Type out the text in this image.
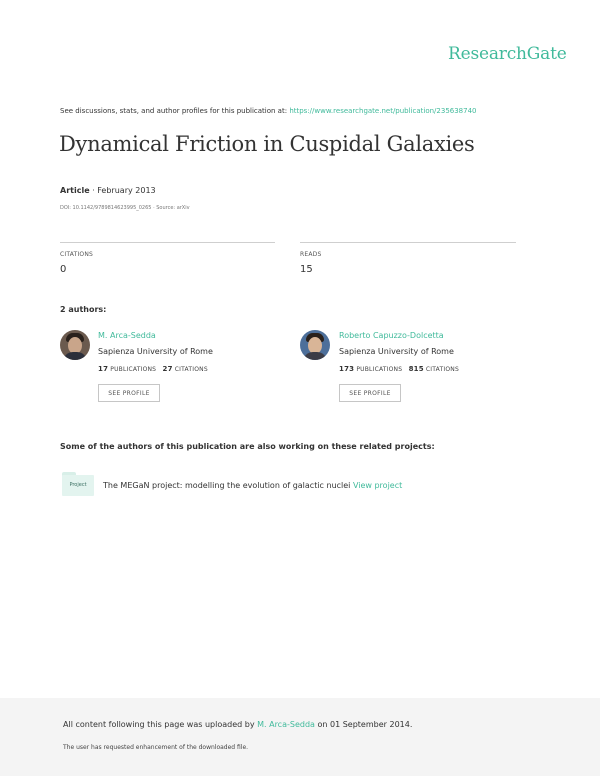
ResearchGate
See discussions, stats, and author profiles for this publication at: https://www.researchgate.net/publication/235638740
Dynamical Friction in Cuspidal Galaxies
Article · February 2013
DOI: 10.1142/9789814623995_0265 · Source: arXiv
CITATIONS
0
READS
15
2 authors:
M. Arca-Sedda
Sapienza University of Rome
17 PUBLICATIONS 27 CITATIONS
SEE PROFILE
Roberto Capuzzo-Dolcetta
Sapienza University of Rome
173 PUBLICATIONS 815 CITATIONS
SEE PROFILE
Some of the authors of this publication are also working on these related projects:
Project	The MEGaN project: modelling the evolution of galactic nuclei View project
All content following this page was uploaded by M. Arca-Sedda on 01 September 2014.
The user has requested enhancement of the downloaded file.
